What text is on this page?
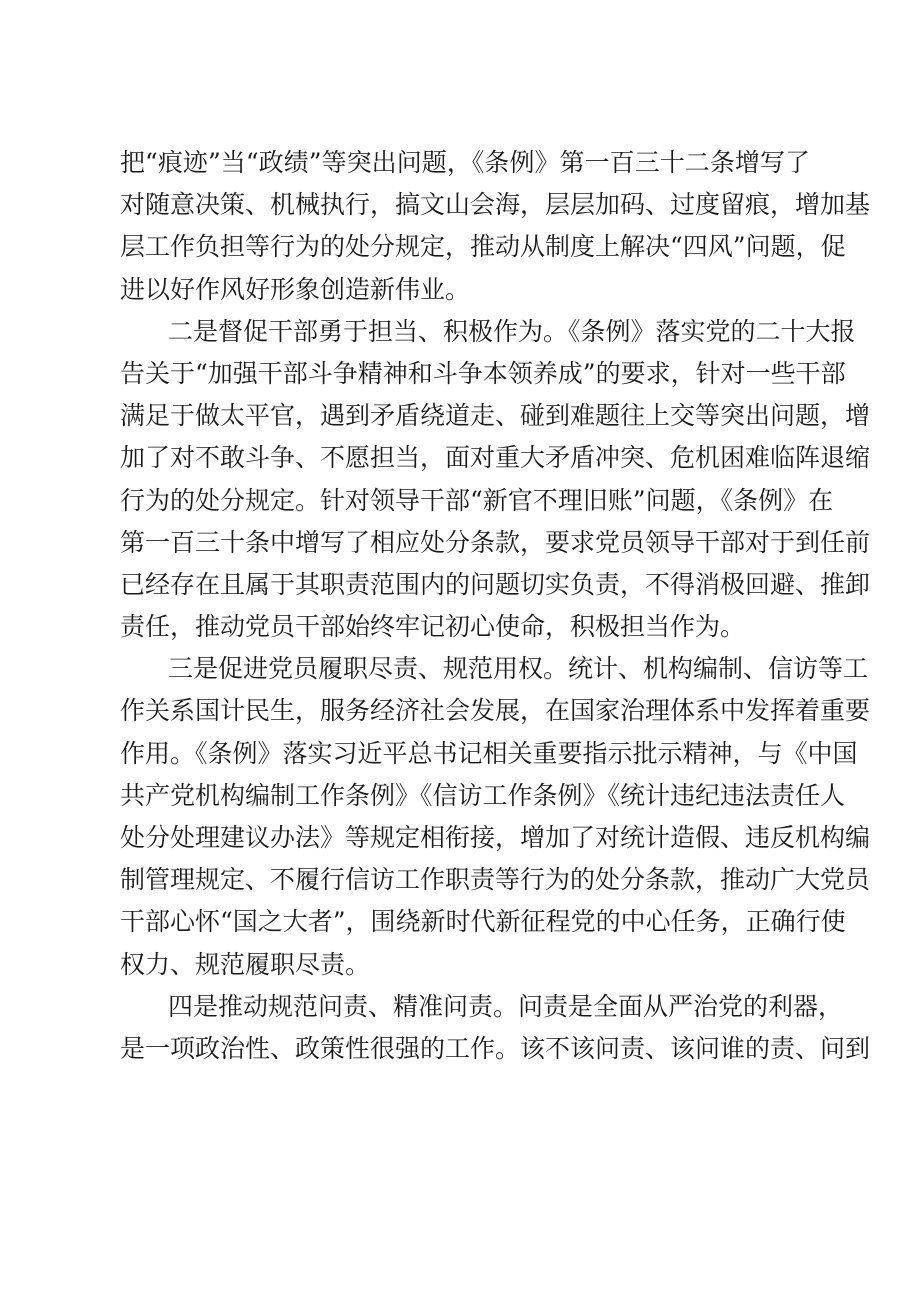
把“痕迹”当“政绩”等突出问题，《条例》第一百三十二条增写了
对随意决策、机械执行，搞文山会海，层层加码、过度留痕，增加基
层工作负担等行为的处分规定，推动从制度上解决“四风”问题，促
进以好作风好形象创造新伟业。
二是督促干部勇于担当、积极作为。《条例》落实党的二十大报
告关于“加强干部斗争精神和斗争本领养成”的要求，针对一些干部
满足于做太平官，遇到矛盾绕道走、碰到难题往上交等突出问题，增
加了对不敢斗争、不愿担当，面对重大矛盾冲突、危机困难临阵退缩
行为的处分规定。针对领导干部“新官不理旧账”问题，《条例》在
第一百三十条中增写了相应处分条款，要求党员领导干部对于到任前
已经存在且属于其职责范围内的问题切实负责，不得消极回避、推卸
责任，推动党员干部始终牢记初心使命，积极担当作为。
三是促进党员履职尽责、规范用权。统计、机构编制、信访等工
作关系国计民生，服务经济社会发展，在国家治理体系中发挥着重要
作用。《条例》落实习近平总书记相关重要指示批示精神，与《中国
共产党机构编制工作条例》《信访工作条例》《统计违纪违法责任人
处分处理建议办法》等规定相衔接，增加了对统计造假、违反机构编
制管理规定、不履行信访工作职责等行为的处分条款，推动广大党员
干部心怀“国之大者”，围绕新时代新征程党的中心任务，正确行使
权力、规范履职尽责。
四是推动规范问责、精准问责。问责是全面从严治党的利器，
是一项政治性、政策性很强的工作。该不该问责、该问谁的责、问到
